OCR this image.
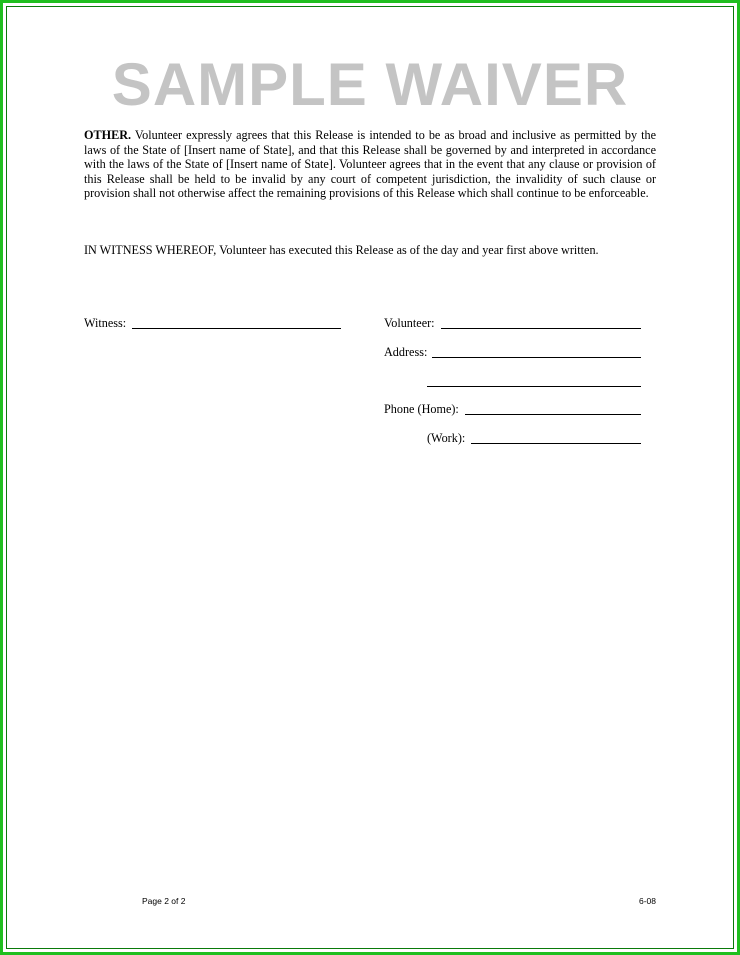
SAMPLE WAIVER
OTHER. Volunteer expressly agrees that this Release is intended to be as broad and inclusive as permitted by the laws of the State of [Insert name of State], and that this Release shall be governed by and interpreted in accordance with the laws of the State of [Insert name of State]. Volunteer agrees that in the event that any clause or provision of this Release shall be held to be invalid by any court of competent jurisdiction, the invalidity of such clause or provision shall not otherwise affect the remaining provisions of this Release which shall continue to be enforceable.
IN WITNESS WHEREOF, Volunteer has executed this Release as of the day and year first above written.
Witness:	Volunteer:
Address:
Phone (Home):
(Work):
Page 2 of 2	6-08
